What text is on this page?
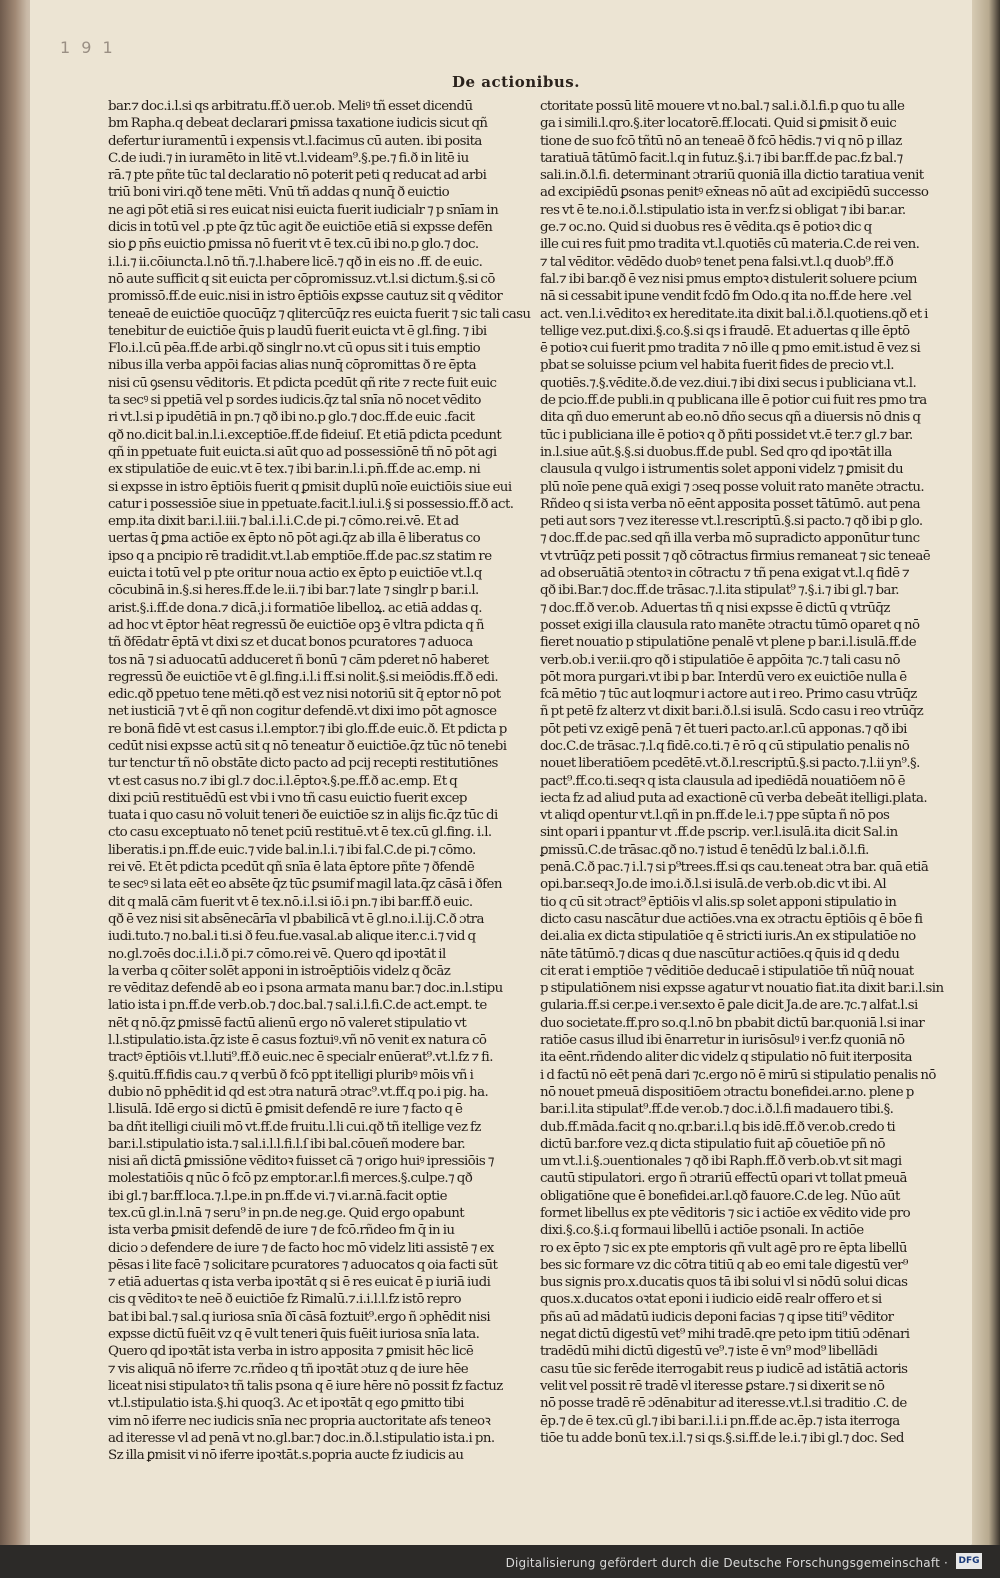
1 9 1
De actionibus.
bar.⁊ doc.i.l.si qs arbitratu.ff.ð uer.ob. Meliꝰ tñ esset dicendū
bm Rapha.q debeat declarari ꝑmissa taxatione iudicis sicut qñ
defertur iuramentū i expensis vt.l.facimus cū auten. ibi posita
C.de iudi.⁊ in iuramēto in litē vt.l.videam⁹.§.pe.⁊ fi.ð in litē iu
rā.⁊ pte pñte tūc tal declaratio nō poterit peti q reducat ad arbi
triū boni viri.qð tene mēti. Vnū tñ addas q nunq̄ ð euictio
ne agi pōt etiā si res euicat nisi euicta fuerit iudicialr ⁊ p snīam in
dicis in totū vel .p pte q̄z tūc agit ðe euictiōe etiā si expsse defēn
sio ꝑ pn̄s euictio ꝑmissa nō fuerit vt ē tex.cū ibi no.p glo.⁊ doc.
i.l.i.⁊ ii.cōiuncta.l.nō tñ.⁊.l.habere licē.⁊ qð in eis no .ff. de euic.
nō aute sufficit q sit euicta per cōpromissuz.vt.l.si dictum.§.si cō
promissō.ff.de euic.nisi in istro ēptiōis exꝑsse cautuz sit q vēditor
teneaē de euictiōe quocūq̄z ⁊ qlitercūq̄z res euicta fuerit ⁊ sic tali casu
tenebitur de euictiōe q̄uis p laudū fuerit euicta vt ē gl.fing. ⁊ ibi
Flo.i.l.cū pēa.ff.de arbi.qð singlr no.vt cū opus sit i tuis emptio
nibus illa verba appōi facias alias nunq̄ cōpromittas ð re ēpta
nisi cū ꝯsensu vēditoris. Et pdicta pcedūt qñ rite ⁊ recte fuit euic
ta secꝰ si ppetiā vel p sordes iudicis.q̄z tal snīa nō nocet vēdito
ri vt.l.si p ipudētiā in pn.⁊ qð ibi no.p glo.⁊ doc.ff.de euic .facit
qð no.dicit bal.in.l.i.exceptiōe.ff.de fideiuſ. Et etiā pdicta pcedunt
qñ in ppetuate fuit euicta.si aūt quo ad possessiōnē tñ nō pōt agi
ex stipulatiōe de euic.vt ē tex.⁊ ibi bar.in.l.i.pn̄.ff.de ac.emp. ni
si expsse in istro ēptiōis fuerit q ꝑmisit duplū noīe euictiōis siue eui
catur i possessiōe siue in ppetuate.facit.l.iul.i.§ si possessio.ff.ð act.
emp.ita dixit bar.i.l.iii.⁊ bal.i.l.i.C.de pi.⁊ cōmo.rei.vē. Et ad
uertas q̄ ꝑma actiōe ex ēpto nō pōt agi.q̄z ab illa ē liberatus co
ipso q a pncipio rē tradidit.vt.l.ab emptiōe.ff.de pac.sz statim re
euicta i totū vel p pte oritur noua actio ex ēpto p euictiōe vt.l.q
cōcubinā in.§.si heres.ff.de le.ii.⁊ ibi bar.⁊ late ⁊ singlr p bar.i.l.
arist.§.i.ff.de dona.⁊ dicā.j.i formatiōe libelloꝝ. ac etiā addas q.
ad hoc vt ēptor hēat regressū ðe euictiōe opꝫ ē vltra pdicta q ñ
tñ ðfēdatr ēptā vt dixi sz et ducat bonos pcuratores ⁊ aduoca
tos nā ⁊ si aduocatū adduceret ñ bonū ⁊ cām pderet nō haberet
regressū ðe euictiōe vt ē gl.fing.i.l.i ff.si nolit.§.si meiōdis.ff.ð edi.
edic.qð ppetuo tene mēti.qð est vez nisi notoriū sit q̄ eptor nō pot
net iusticiā ⁊ vt ē qñ non cogitur defendē.vt dixi imo pōt agnosce
re bonā fidē vt est casus i.l.emptor.⁊ ibi glo.ff.de euic.ð. Et pdicta p
cedūt nisi expsse actū sit q nō teneatur ð euictiōe.q̄z tūc nō tenebi
tur tenctur tñ nō obstāte dicto pacto ad pcij recepti restitutiōnes
vt est casus no.⁊ ibi gl.⁊ doc.i.l.ēptoꝛ.§.pe.ff.ð ac.emp. Et q
dixi pciū restituēdū est vbi i vno tñ casu euictio fuerit excep
tuata i quo casu nō voluit teneri ðe euictiōe sz in alijs fic.q̄z tūc di
cto casu exceptuato nō tenet pciū restituē.vt ē tex.cū gl.fing. i.l.
liberatis.i pn.ff.de euic.⁊ vide bal.in.l.i.⁊ ibi fal.C.de pi.⁊ cōmo.
rei vē. Et ēt pdicta pcedūt qñ snīa ē lata ēptore pñte ⁊ ðfendē
te secꝰ si lata eēt eo absēte q̄z tūc ꝑsumif magil lata.q̄z cāsā i ðfen
dit q malā cām fuerit vt ē tex.nō.i.l.si iō.i pn.⁊ ibi bar.ff.ð euic.
qð ē vez nisi sit absēnecārīa vl pbabilicā vt ē gl.no.i.l.ij.C.ð ɔtra
iudi.tuto.⁊ no.bal.i ti.si ð feu.fue.vasal.ab alique iter.c.i.⁊ vid q
no.gl.⁊oēs doc.i.l.i.ð pi.⁊ cōmo.rei vē. Quero qd ipoꝛtāt il
la verba q cōiter solēt apponi in istroēptiōis videlz q ðcāz
re vēditaz defendē ab eo i psona armata manu bar.⁊ doc.in.l.stipu
latio ista i pn.ff.de verb.ob.⁊ doc.bal.⁊ sal.i.l.fi.C.de act.empt. te
nēt q nō.q̄z ꝑmissē factū alienū ergo nō valeret stipulatio vt
l.l.stipulatio.ista.q̄z iste ē casus foztuiꝰ.vñ nō venit ex natura cō
tractꝰ ēptiōis vt.l.luti⁹.ff.ð euic.nec ē specialr enūerat⁹.vt.l.fz ⁊ fi.
§.quitū.ff.fidis cau.⁊ q verbū ð fcō ppt itelligi pluribꝰ mōis vñ i
dubio nō pphēdit id qd est ɔtra naturā ɔtrac⁹.vt.ff.q po.i pig. ha.
l.lisulā. Idē ergo si dictū ē ꝑmisit defendē re iure ⁊ facto q ē
ba dñt itelligi ciuili mō vt.ff.de fruitu.l.li cui.qð tñ itellige vez fz
bar.i.l.stipulatio ista.⁊ sal.i.l.l.fi.l.ſ ibi bal.cōueñ modere bar.
nisi añ dictā ꝑmissiōne vēditoꝛ fuisset cā ⁊ origo huiꝰ ipressiōis ⁊
molestatiōis q nūc ō fcō pz emptor.ar.l.fi merces.§.culpe.⁊ qð
ibi gl.⁊ bar.ff.loca.⁊.l.pe.in pn.ff.de vi.⁊ vi.ar.nā.facit optie
tex.cū gl.in.l.nā ⁊ seru⁹ in pn.de neg.ge. Quid ergo opabunt
ista verba ꝑmisit defendē de iure ⁊ de fcō.rñdeo fm q̄ in iu
dicio ɔ defendere de iure ⁊ de facto hoc mō videlz liti assistē ⁊ ex
pēsas i lite facē ⁊ solicitare pcuratores ⁊ aduocatos q oia facti sūt
⁊ etiā aduertas q ista verba ipoꝛtāt q si ē res euicat ē p iuriā iudi
cis q vēditoꝛ te neē ð euictiōe fz Rimalū.⁊.i.i.l.l.fz istō repro
bat ibi bal.⁊ sal.q iuriosa snīa ðī cāsā foztuit⁹.ergo ñ ɔphēdit nisi
expsse dictū fuēit vz q ē vult teneri q̄uis fuēit iuriosa snīa lata.
Quero qd ipoꝛtāt ista verba in istro apposita ⁊ ꝑmisit hēc licē
⁊ vis aliquā nō iferre ⁊c.rñdeo q tñ ipoꝛtāt ɔtuz q de iure hēe
liceat nisi stipulatoꝛ tñ talis psona q ē iure hēre nō possit fz factuz
vt.l.stipulatio ista.§.hi quoq3. Ac et ipoꝛtāt q ego ꝑmitto tibi
vim nō iferre nec iudicis snīa nec propria auctoritate afs teneoꝛ
ad iteresse vl ad penā vt no.gl.bar.⁊ doc.in.ð.l.stipulatio ista.i pn.
Sz illa ꝑmisit vi nō iferre ipoꝛtāt.s.popria aucte fz iudicis au
ctoritate possū litē mouere vt no.bal.⁊ sal.i.ð.l.fi.p quo tu alle
ga i simili.l.qro.§.iter locatorē.ff.locati. Quid si ꝑmisit ð euic
tione de suo fcō tñtū nō an teneaē ð fcō hēdis.⁊ vi q nō p illaz
taratiuā tātūmō facit.l.q in futuz.§.i.⁊ ibi bar.ff.de pac.fz bal.⁊
sali.in.ð.l.fi. determinant ɔtrariū quoniā illa dictio taratiua venit
ad excipiēdū ꝑsonas penitꝰ ex̄neas nō aūt ad excipiēdū successo
res vt ē te.no.i.ð.l.stipulatio ista in ver.fz si obligat ⁊ ibi bar.ar.
ge.⁊ oc.no. Quid si duobus res ē vēdita.qs ē potioꝛ dic q
ille cui res fuit pmo tradita vt.l.quotiēs cū materia.C.de rei ven.
⁊ tal vēditor. vēdēdo duobꝰ tenet pena falsi.vt.l.q duob⁹.ff.ð
fal.⁊ ibi bar.qð ē vez nisi pmus emptoꝛ distulerit soluere pcium
nā si cessabit ipune vendit fcdō fm Odo.q ita no.ff.de here .vel
act. ven.l.i.vēditoꝛ ex hereditate.ita dixit bal.i.ð.l.quotiens.qð et i
tellige vez.put.dixi.§.co.§.si qs i fraudē. Et aduertas q ille ēptō
ē potioꝛ cui fuerit pmo tradita ⁊ nō ille q pmo emit.istud ē vez si
pbat se soluisse pcium vel habita fuerit fides de precio vt.l.
quotiēs.⁊.§.vēdite.ð.de vez.diui.⁊ ibi dixi secus i publiciana vt.l.
de pcio.ff.de publi.in q publicana ille ē potior cui fuit res pmo tra
dita qñ duo emerunt ab eo.nō dño secus qñ a diuersis nō dnis q
tūc i publiciana ille ē potioꝛ q ð pñti possidet vt.ē ter.⁊ gl.⁊ bar.
in.l.siue aūt.§.§.si duobus.ff.de publ. Sed qro qd ipoꝛtāt illa
clausula q vulgo i istrumentis solet apponi videlz ⁊ ꝑmisit du
plū noīe pene quā exigi ⁊ ɔseq posse voluit rato manēte ɔtractu.
Rñdeo q si ista verba nō eēnt apposita posset tātūmō. aut pena
peti aut sors ⁊ vez iteresse vt.l.rescriptū.§.si pacto.⁊ qð ibi p glo.
⁊ doc.ff.de pac.sed qñ illa verba mō supradicto apponūtur tunc
vt vtrūq̄z peti possit ⁊ qð cōtractus firmius remaneat ⁊ sic teneaē
ad obseruātiā ɔtentoꝛ in cōtractu ⁊ tñ pena exigat vt.l.q fidē ⁊
qð ibi.Bar.⁊ doc.ff.de trāsac.⁊.l.ita stipulat⁹ ⁊.§.i.⁊ ibi gl.⁊ bar.
⁊ doc.ff.ð ver.ob. Aduertas tñ q nisi expsse ē dictū q vtrūq̄z
posset exigi illa clausula rato manēte ɔtractu tūmō oparet q nō
fieret nouatio p stipulatiōne penalē vt plene p bar.i.l.isulā.ff.de
verb.ob.i ver.ii.qro qð i stipulatiōe ē appōita ⁊c.⁊ tali casu nō
pōt mora purgari.vt ibi p bar. Interdū vero ex euictiōe nulla ē
fcā mētio ⁊ tūc aut loqmur i actore aut i reo. Primo casu vtrūq̄z
ñ pt petē fz alterz vt dixit bar.i.ð.l.si isulā. Scdo casu i reo vtrūq̄z
pōt peti vz exigē penā ⁊ ēt tueri pacto.ar.l.cū apponas.⁊ qð ibi
doc.C.de trāsac.⁊.l.q fidē.co.ti.⁊ ē rō q cū stipulatio penalis nō
nouet liberatiōem pcedētē.vt.ð.l.rescriptū.§.si pacto.⁊.l.ii yn⁹.§.
pact⁹.ff.co.ti.seqꝛ q ista clausula ad ipediēdā nouatiōem nō ē
iecta fz ad aliud puta ad exactionē cū verba debeāt itelligi.plata.
vt aliqd opentur vt.l.qñ in pn.ff.de le.i.⁊ ppe sūpta ñ nō pos
sint opari i ppantur vt .ff.de pscrip. ver.l.isulā.ita dicit Sal.in
ꝑmissū.C.de trāsac.qð no.⁊ istud ē tenēdū lz bal.i.ð.l.fi.
penā.C.ð pac.⁊ i.l.⁊ si p⁹trees.ff.si qs cau.teneat ɔtra bar. quā etiā
opi.bar.seqꝛ Jo.de imo.i.ð.l.si isulā.de verb.ob.dic vt ibi. Al
tio q cū sit ɔtract⁹ ēptiōis vl alis.sp solet apponi stipulatio in
dicto casu nascātur due actiōes.vna ex ɔtractu ēptiōis q ē bōe fi
dei.alia ex dicta stipulatiōe q ē stricti iuris.An ex stipulatiōe no
nāte tātūmō.⁊ dicas q due nascūtur actiōes.q q̄uis id q dedu
cit erat i emptiōe ⁊ vēditiōe deducaē i stipulatiōe tñ nūq̄ nouat
p stipulatiōnem nisi expsse agatur vt nouatio fiat.ita dixit bar.i.l.sin
gularia.ff.si cer.pe.i ver.sexto ē ꝑale dicit Ja.de are.⁊c.⁊ alfat.l.si
duo societate.ff.pro so.q.l.nō bn pbabit dictū bar.quoniā l.si inar
ratiōe casus illud ibi ēnarretur in iurisōsulꝰ i ver.fz quoniā nō
ita eēnt.rñdendo aliter dic videlz q stipulatio nō fuit iterposita
i d factū nō eēt penā dari ⁊c.ergo nō ē mirū si stipulatio penalis nō
nō nouet pmeuā dispositiōem ɔtractu bonefidei.ar.no. plene p
bar.i.l.ita stipulat⁹.ff.de ver.ob.⁊ doc.i.ð.l.fi madauero tibi.§.
dub.ff.māda.facit q no.qr.bar.i.l.q bis idē.ff.ð ver.ob.credo ti
dictū bar.fore vez.q dicta stipulatio fuit ap̄ cōuetiōe pñ nō
um vt.l.i.§.ɔuentionales ⁊ qð ibi Raph.ff.ð verb.ob.vt sit magi
cautū stipulatori. ergo ñ ɔtrariū effectū opari vt tollat pmeuā
obligatiōne que ē bonefidei.ar.l.qð fauore.C.de leg. Nūo aūt
formet libellus ex pte vēditoris ⁊ sic i actiōe ex vēdito vide pro
dixi.§.co.§.i.q formaui libellū i actiōe psonali. In actiōe
ro ex ēpto ⁊ sic ex pte emptoris qñ vult agē pro re ēpta libellū
bes sic formare vz dic cōtra titiū q ab eo emi tale digestū ver⁹
bus signis pro.x.ducatis quos tā ibi solui vl si nōdū solui dicas
quos.x.ducatos oꝛtat eponi i iudicio eidē realr offero et si
pñs aū ad mādatū iudicis deponi facias ⁊ q ipse titi⁹ vēditor
negat dictū digestū vet⁹ mihi tradē.qre peto ipm titiū ɔdēnari
tradēdū mihi dictū digestū ve⁹.⁊ iste ē vn⁹ mod⁹ libellādi
casu tūe sic ferēde iterrogabit reus p iudicē ad istātiā actoris
velit vel possit rē tradē vl iteresse ꝑstare.⁊ si dixerit se nō
nō posse tradē rē ɔdēnabitur ad iteresse.vt.l.si traditio .C. de
ēp.⁊ de ē tex.cū gl.⁊ ibi bar.i.l.i.i pn.ff.de ac.ēp.⁊ ista iterroga
tiōe tu adde bonū tex.i.l.⁊ si qs.§.si.ff.de le.i.⁊ ibi gl.⁊ doc. Sed
Digitalisierung gefördert durch die Deutsche Forschungsgemeinschaft · DFG
